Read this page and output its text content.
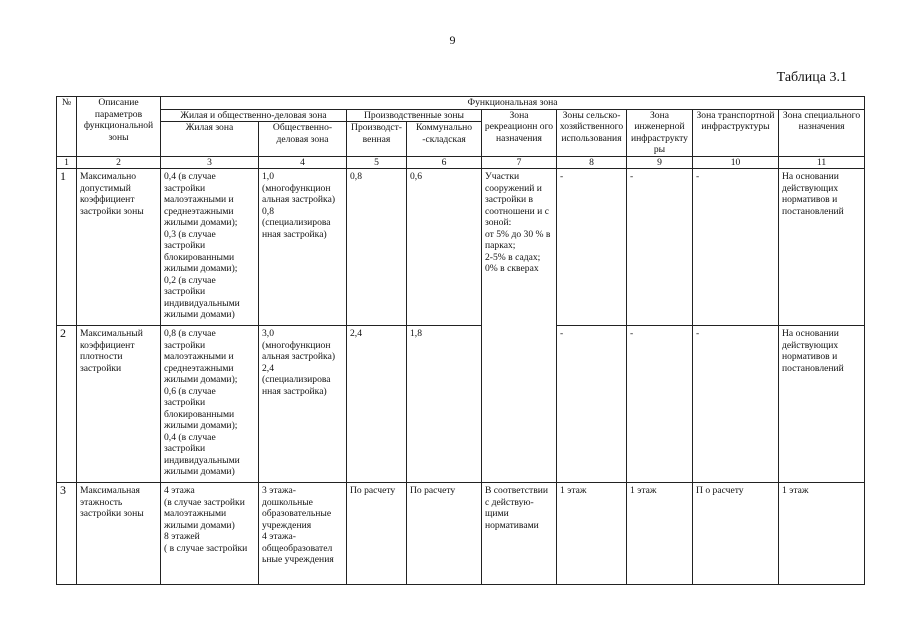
9
Таблица 3.1
№	Описание параметров функциональной зоны	Функциональная зона								
		Жилая и общественно-деловая зона		Производственные зоны		Зона рекреационн ого назначения	Зоны сельско-хозяйственного использования	Зона инженерной инфраструкту ры	Зона транспортной инфраструктуры	Зона специального назначения
		Жилая зона	Общественно-деловая зона	Производст-венная	Коммунально -складская					
1	2	3	4	5	6	7	8	9	10	11
1	Максимально допустимый коэффициент застройки зоны	0,4 (в случае застройки малоэтажными и среднеэтажными жилыми домами);
0,3 (в случае застройки блокированными жилыми домами);
0,2 (в случае застройки индивидуальными жилыми домами)	1,0 (многофункцион альная застройка)
0,8 (специализирова нная застройка)	0,8	0,6	Участки сооружений и застройки в соотношени и с зоной:
от 5% до 30 % в парках;
2-5% в садах;
0% в скверах	-	-	-	На основании действующих нормативов и постановлений
2	Максимальный коэффициент плотности застройки	0,8 (в случае застройки малоэтажными и среднеэтажными жилыми домами);
0,6 (в случае застройки блокированными жилыми домами);
0,4 (в случае застройки индивидуальными жилыми домами)	3,0 (многофункцион альная застройка)
2,4 (специализирова нная застройка)	2,4	1,8		-	-	-	На основании действующих нормативов и постановлений
3	Максимальная этажность застройки зоны	4 этажа
(в случае застройки малоэтажными жилыми домами)
8 этажей
( в случае застройки	3 этажа-дошкольные образовательные учреждения
4 этажа-общеобразовател ьные учреждения	По расчету	По расчету	В соответствии с действую-щими нормативами	1 этаж	1 этаж	П о расчету	1 этаж
